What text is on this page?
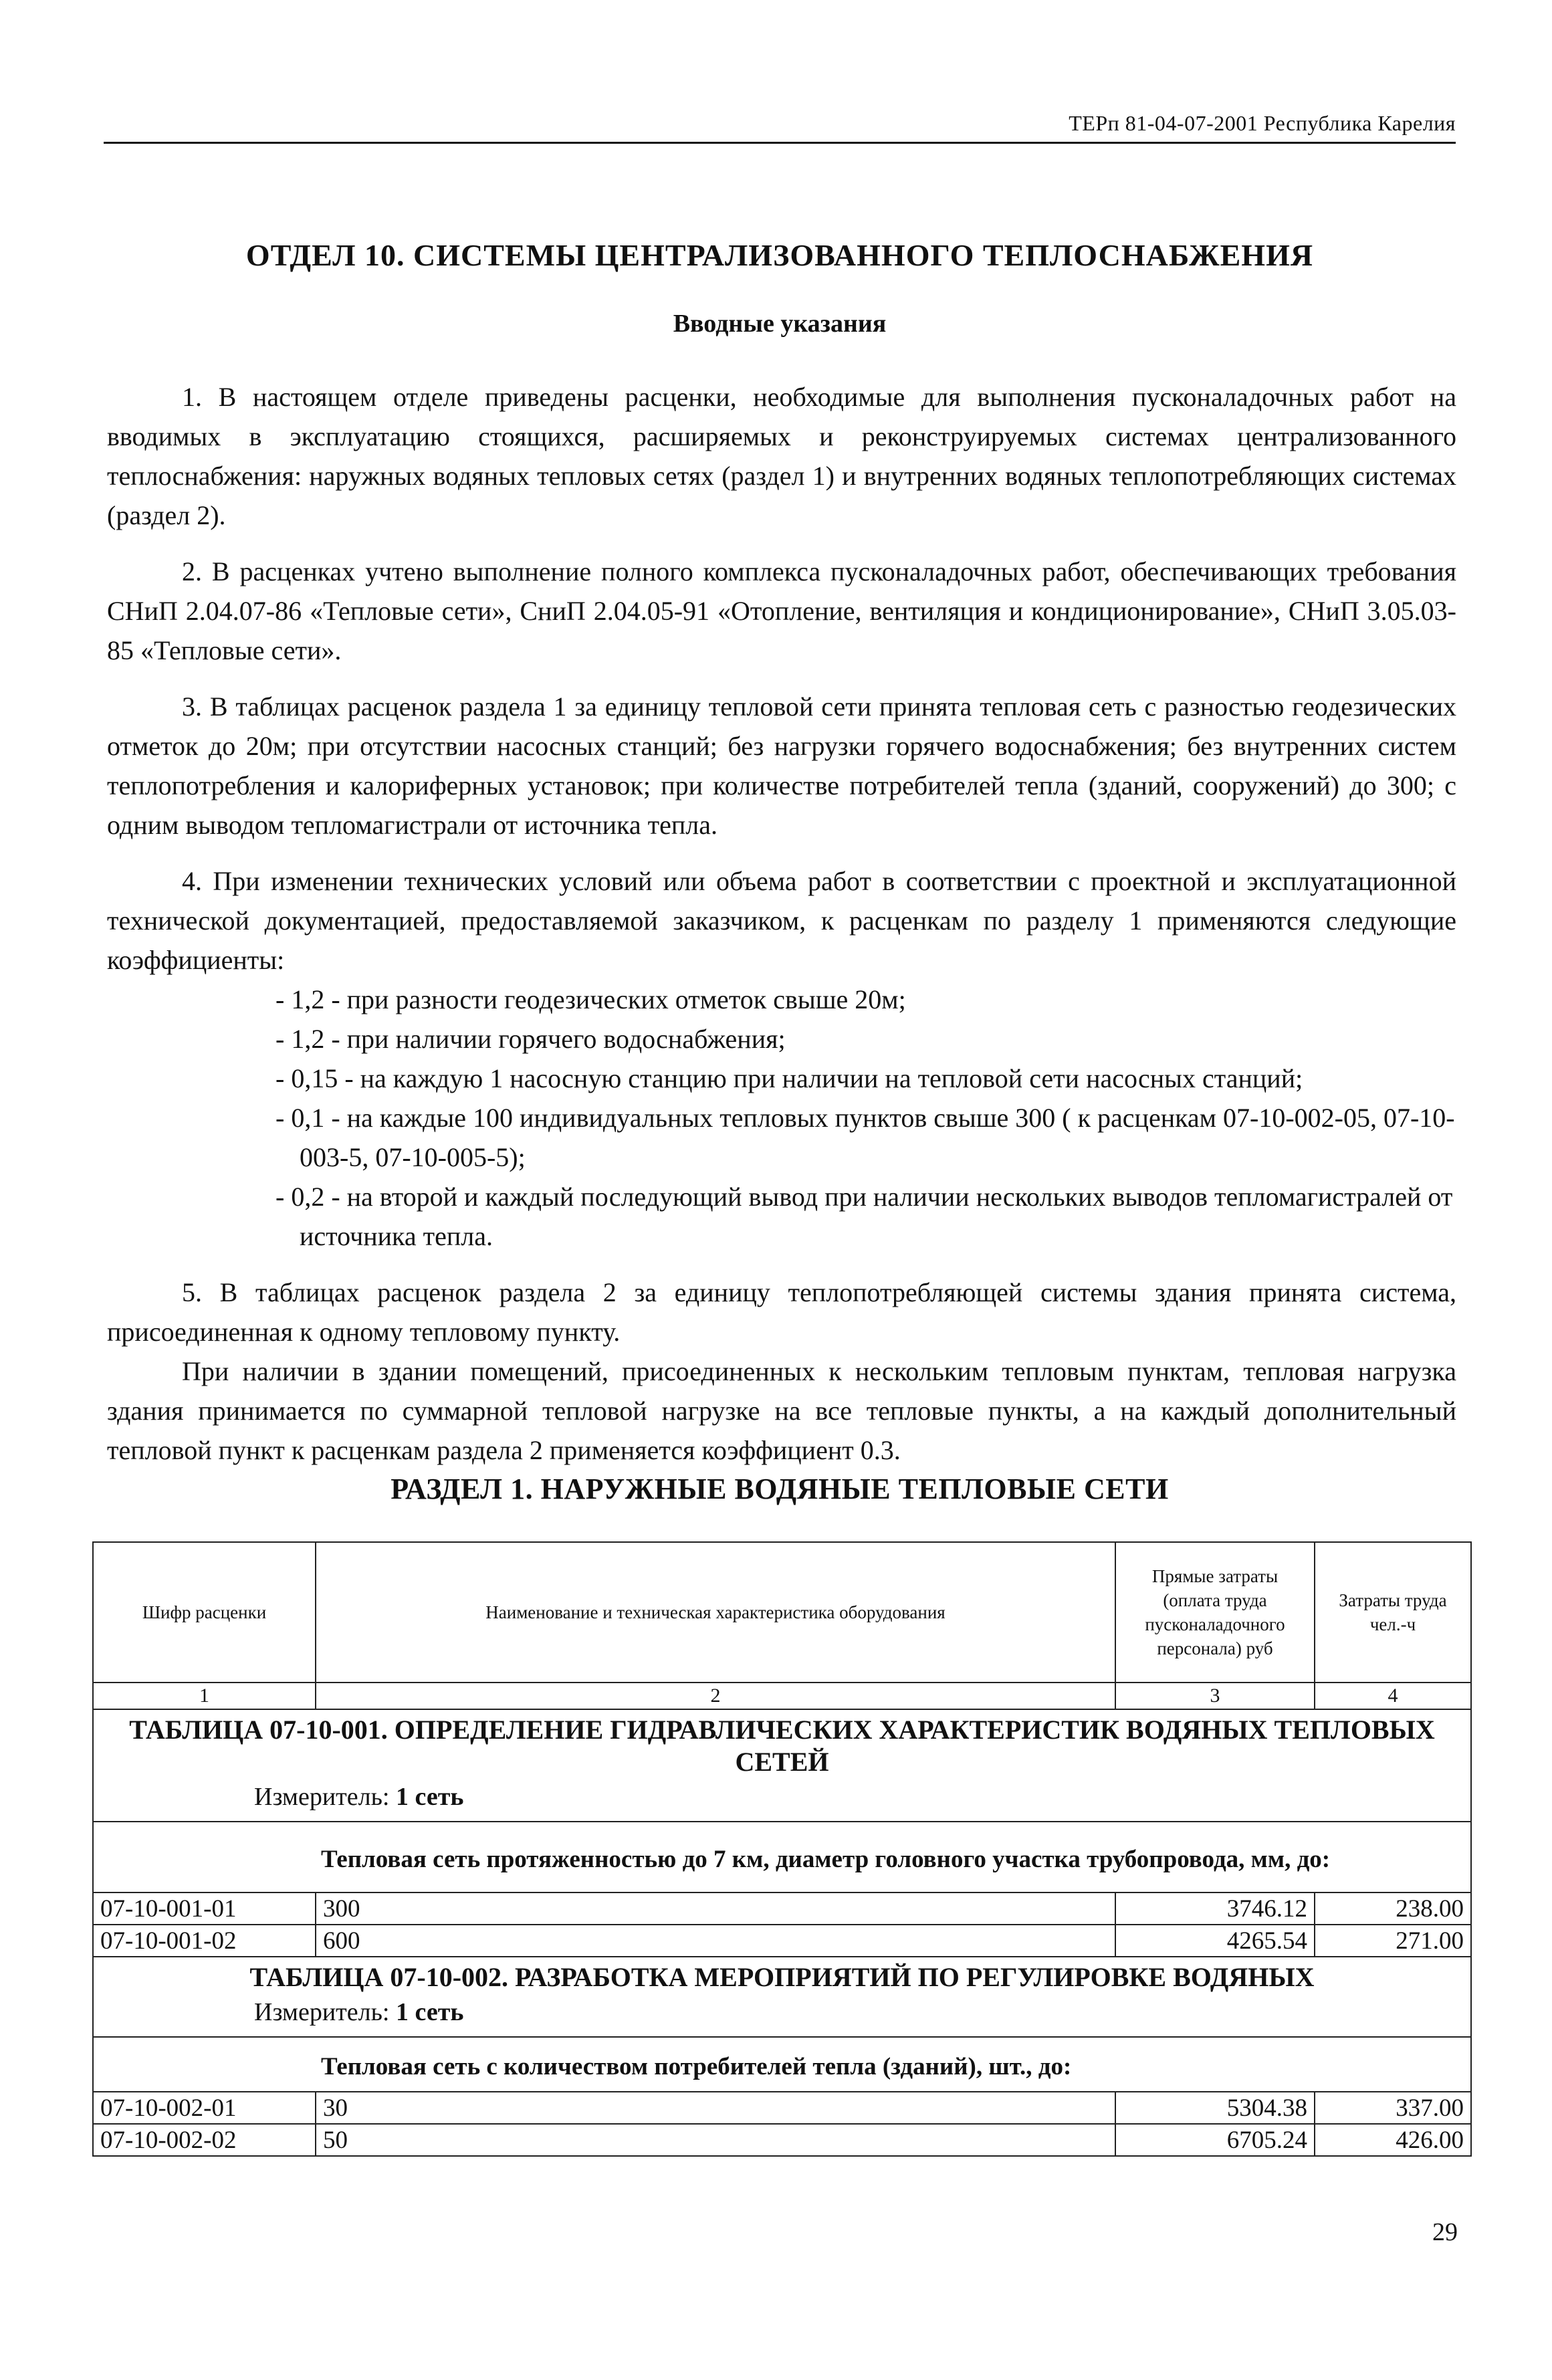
ТЕРп 81-04-07-2001 Республика Карелия
ОТДЕЛ 10. СИСТЕМЫ ЦЕНТРАЛИЗОВАННОГО ТЕПЛОСНАБЖЕНИЯ
Вводные указания

1. В настоящем отделе приведены расценки, необходимые для выполнения пусконаладочных работ на вводимых в эксплуатацию стоящихся, расширяемых и реконструируемых системах централизованного теплоснабжения: наружных водяных тепловых сетях (раздел 1) и внутренних водяных теплопотребляющих системах (раздел 2).

2. В расценках учтено выполнение полного комплекса пусконаладочных работ, обеспечивающих требования СНиП 2.04.07-86 «Тепловые сети», СниП 2.04.05-91 «Отопление, вентиляция и кондиционирование», СНиП 3.05.03-85 «Тепловые сети».

3. В таблицах расценок раздела 1 за единицу тепловой сети принята тепловая сеть с разностью геодезических отметок до 20м; при отсутствии насосных станций; без нагрузки горячего водоснабжения; без внутренних систем теплопотребления и калориферных установок; при количестве потребителей тепла (зданий, сооружений) до 300; с одним выводом тепломагистрали от источника тепла.

4. При изменении технических условий или объема работ в соответствии с проектной и эксплуатационной технической документацией, предоставляемой заказчиком, к расценкам по разделу 1 применяются следующие коэффициенты:

- 1,2 - при разности геодезических отметок свыше 20м;
- 1,2 - при наличии горячего водоснабжения;
- 0,15 - на каждую 1 насосную станцию при наличии на тепловой сети насосных станций;
- 0,1 - на каждые 100 индивидуальных тепловых пунктов свыше 300 ( к расценкам 07-10-002-05, 07-10-003-5, 07-10-005-5);
- 0,2 - на второй и каждый последующий вывод при наличии нескольких выводов тепломагистралей от источника тепла.

5. В таблицах расценок раздела 2 за единицу теплопотребляющей системы здания принята система, присоединенная к одному тепловому пункту.

При наличии в здании помещений, присоединенных к нескольким тепловым пунктам, тепловая нагрузка здания принимается по суммарной тепловой нагрузке на все тепловые пункты, а на каждый дополнительный тепловой пункт к расценкам раздела 2 применяется коэффициент 0.3.

РАЗДЕЛ 1. НАРУЖНЫЕ ВОДЯНЫЕ ТЕПЛОВЫЕ СЕТИ
Шифр расценки	Наименование и техническая характеристика оборудования	Прямые затраты (оплата труда пусконаладочного персонала) руб	Затраты труда чел.-ч
1	2	3	4

ТАБЛИЦА 07-10-001. ОПРЕДЕЛЕНИЕ ГИДРАВЛИЧЕСКИХ ХАРАКТЕРИСТИК ВОДЯНЫХ ТЕПЛОВЫХ СЕТЕЙ
Измеритель: 1 сеть			

Тепловая сеть протяженностью до 7 км, диаметр головного участка трубопровода, мм, до:			
07-10-001-01	300	3746.12	238.00
07-10-001-02	600	4265.54	271.00

ТАБЛИЦА 07-10-002. РАЗРАБОТКА МЕРОПРИЯТИЙ ПО РЕГУЛИРОВКЕ ВОДЯНЫХ
Измеритель: 1 сеть			

Тепловая сеть с количеством потребителей тепла (зданий), шт., до:			
07-10-002-01	30	5304.38	337.00
07-10-002-02	50	6705.24	426.00
29
